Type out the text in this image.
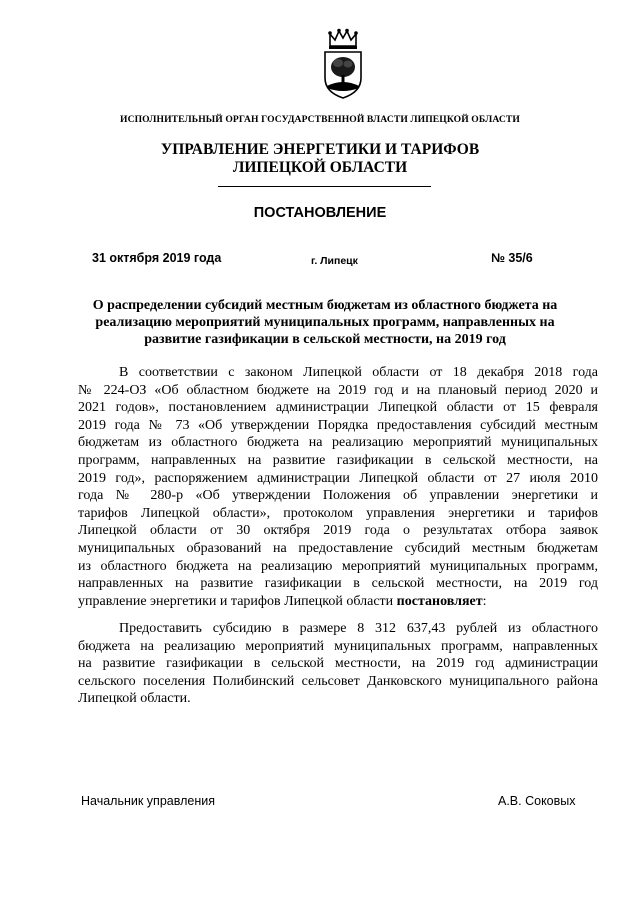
ИСПОЛНИТЕЛЬНЫЙ ОРГАН ГОСУДАРСТВЕННОЙ ВЛАСТИ ЛИПЕЦКОЙ ОБЛАСТИ
УПРАВЛЕНИЕ ЭНЕРГЕТИКИ И ТАРИФОВ
ЛИПЕЦКОЙ ОБЛАСТИ
ПОСТАНОВЛЕНИЕ
31 октября 2019 года	г. Липецк	№ 35/6
О распределении субсидий местным бюджетам из областного бюджета на
реализацию мероприятий муниципальных программ, направленных на
развитие газификации в сельской местности, на 2019 год
В соответствии с законом Липецкой области от 18 декабря 2018 года
№ 224-ОЗ «Об областном бюджете на 2019 год и на плановый период 2020 и
2021 годов», постановлением администрации Липецкой области от 15 февраля
2019 года № 73 «Об утверждении Порядка предоставления субсидий местным
бюджетам из областного бюджета на реализацию мероприятий муниципальных
программ, направленных на развитие газификации в сельской местности, на
2019 год», распоряжением администрации Липецкой области от 27 июля 2010
года № 280-р «Об утверждении Положения об управлении энергетики и
тарифов Липецкой области», протоколом управления энергетики и тарифов
Липецкой области от 30 октября 2019 года о результатах отбора заявок
муниципальных образований на предоставление субсидий местным бюджетам
из областного бюджета на реализацию мероприятий муниципальных программ,
направленных на развитие газификации в сельской местности, на 2019 год
управление энергетики и тарифов Липецкой области постановляет:
Предоставить субсидию в размере 8 312 637,43 рублей из областного
бюджета на реализацию мероприятий муниципальных программ, направленных
на развитие газификации в сельской местности, на 2019 год администрации
сельского поселения Полибинский сельсовет Данковского муниципального района
Липецкой области.
Начальник управления	А.В. Соковых
